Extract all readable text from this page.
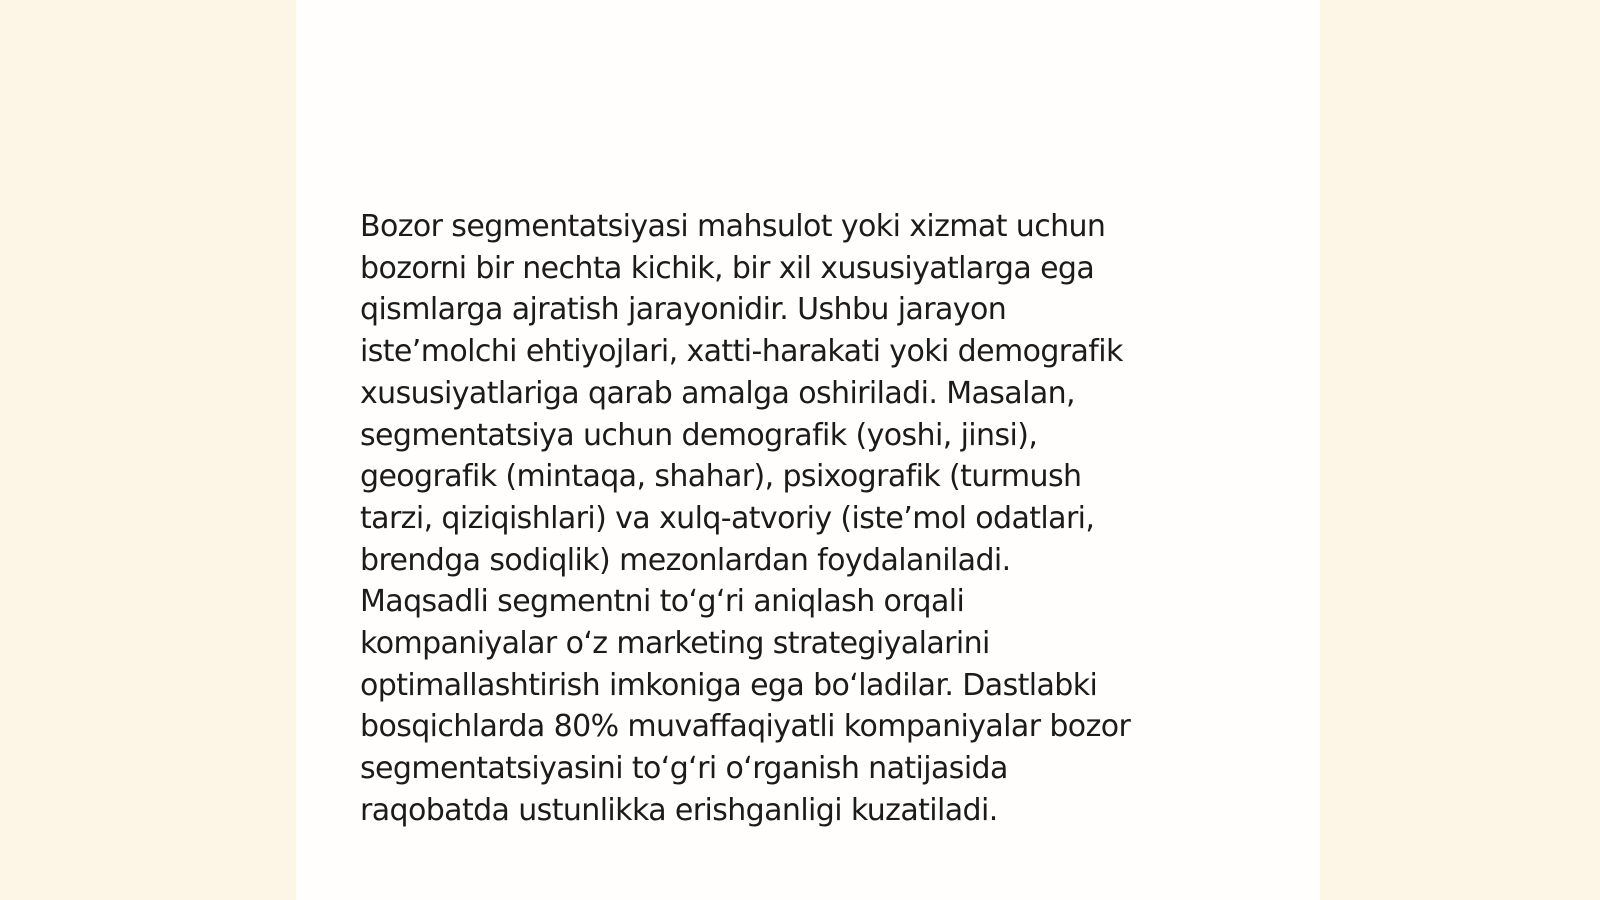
Bozor segmentatsiyasi mahsulot yoki xizmat uchun
bozorni bir nechta kichik, bir xil xususiyatlarga ega
qismlarga ajratish jarayonidir. Ushbu jarayon
iste’molchi ehtiyojlari, xatti-harakati yoki demografik
xususiyatlariga qarab amalga oshiriladi. Masalan,
segmentatsiya uchun demografik (yoshi, jinsi),
geografik (mintaqa, shahar), psixografik (turmush
tarzi, qiziqishlari) va xulq-atvoriy (iste’mol odatlari,
brendga sodiqlik) mezonlardan foydalaniladi.
Maqsadli segmentni to‘g‘ri aniqlash orqali
kompaniyalar o‘z marketing strategiyalarini
optimallashtirish imkoniga ega bo‘ladilar. Dastlabki
bosqichlarda 80% muvaffaqiyatli kompaniyalar bozor
segmentatsiyasini to‘g‘ri o‘rganish natijasida
raqobatda ustunlikka erishganligi kuzatiladi.
